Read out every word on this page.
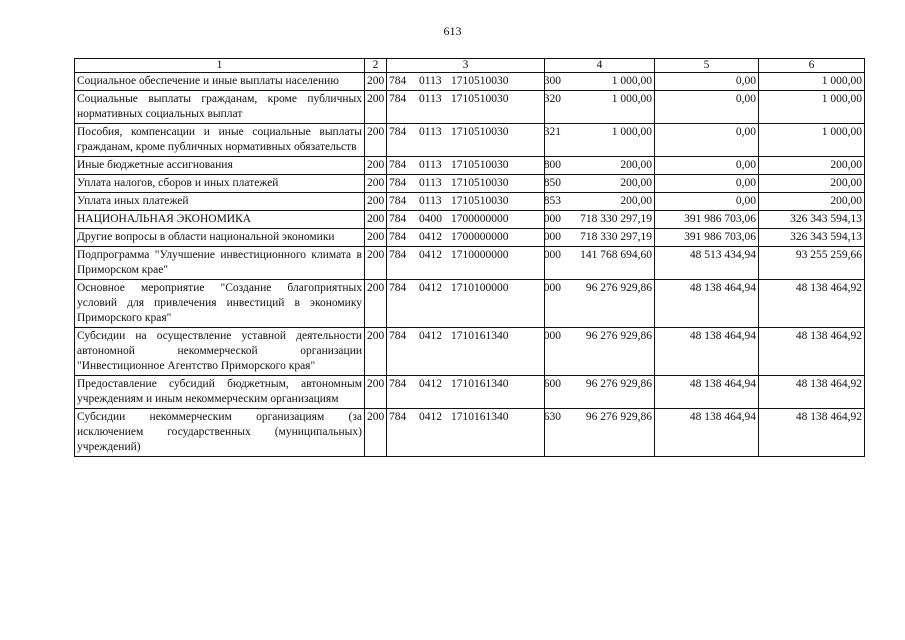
613
1	2	3	4	5	6
Социальное обеспечение и иные выплаты населению	200	784 0113 1710510030 300	1 000,00	0,00	1 000,00
Социальные выплаты гражданам, кроме публичных нормативных социальных выплат	200	784 0113 1710510030 320	1 000,00	0,00	1 000,00
Пособия, компенсации и иные социальные выплаты гражданам, кроме публичных нормативных обязательств	200	784 0113 1710510030 321	1 000,00	0,00	1 000,00
Иные бюджетные ассигнования	200	784 0113 1710510030 800	200,00	0,00	200,00
Уплата налогов, сборов и иных платежей	200	784 0113 1710510030 850	200,00	0,00	200,00
Уплата иных платежей	200	784 0113 1710510030 853	200,00	0,00	200,00
НАЦИОНАЛЬНАЯ ЭКОНОМИКА	200	784 0400 1700000000 000	718 330 297,19	391 986 703,06	326 343 594,13
Другие вопросы в области национальной экономики	200	784 0412 1700000000 000	718 330 297,19	391 986 703,06	326 343 594,13
Подпрограмма "Улучшение инвестиционного климата в Приморском крае"	200	784 0412 1710000000 000	141 768 694,60	48 513 434,94	93 255 259,66
Основное мероприятие "Создание благоприятных условий для привлечения инвестиций в экономику Приморского края"	200	784 0412 1710100000 000	96 276 929,86	48 138 464,94	48 138 464,92
Субсидии на осуществление уставной деятельности автономной некоммерческой организации "Инвестиционное Агентство Приморского края"	200	784 0412 1710161340 000	96 276 929,86	48 138 464,94	48 138 464,92
Предоставление субсидий бюджетным, автономным учреждениям и иным некоммерческим организациям	200	784 0412 1710161340 600	96 276 929,86	48 138 464,94	48 138 464,92
Субсидии некоммерческим организациям (за исключением государственных (муниципальных) учреждений)	200	784 0412 1710161340 630	96 276 929,86	48 138 464,94	48 138 464,92
